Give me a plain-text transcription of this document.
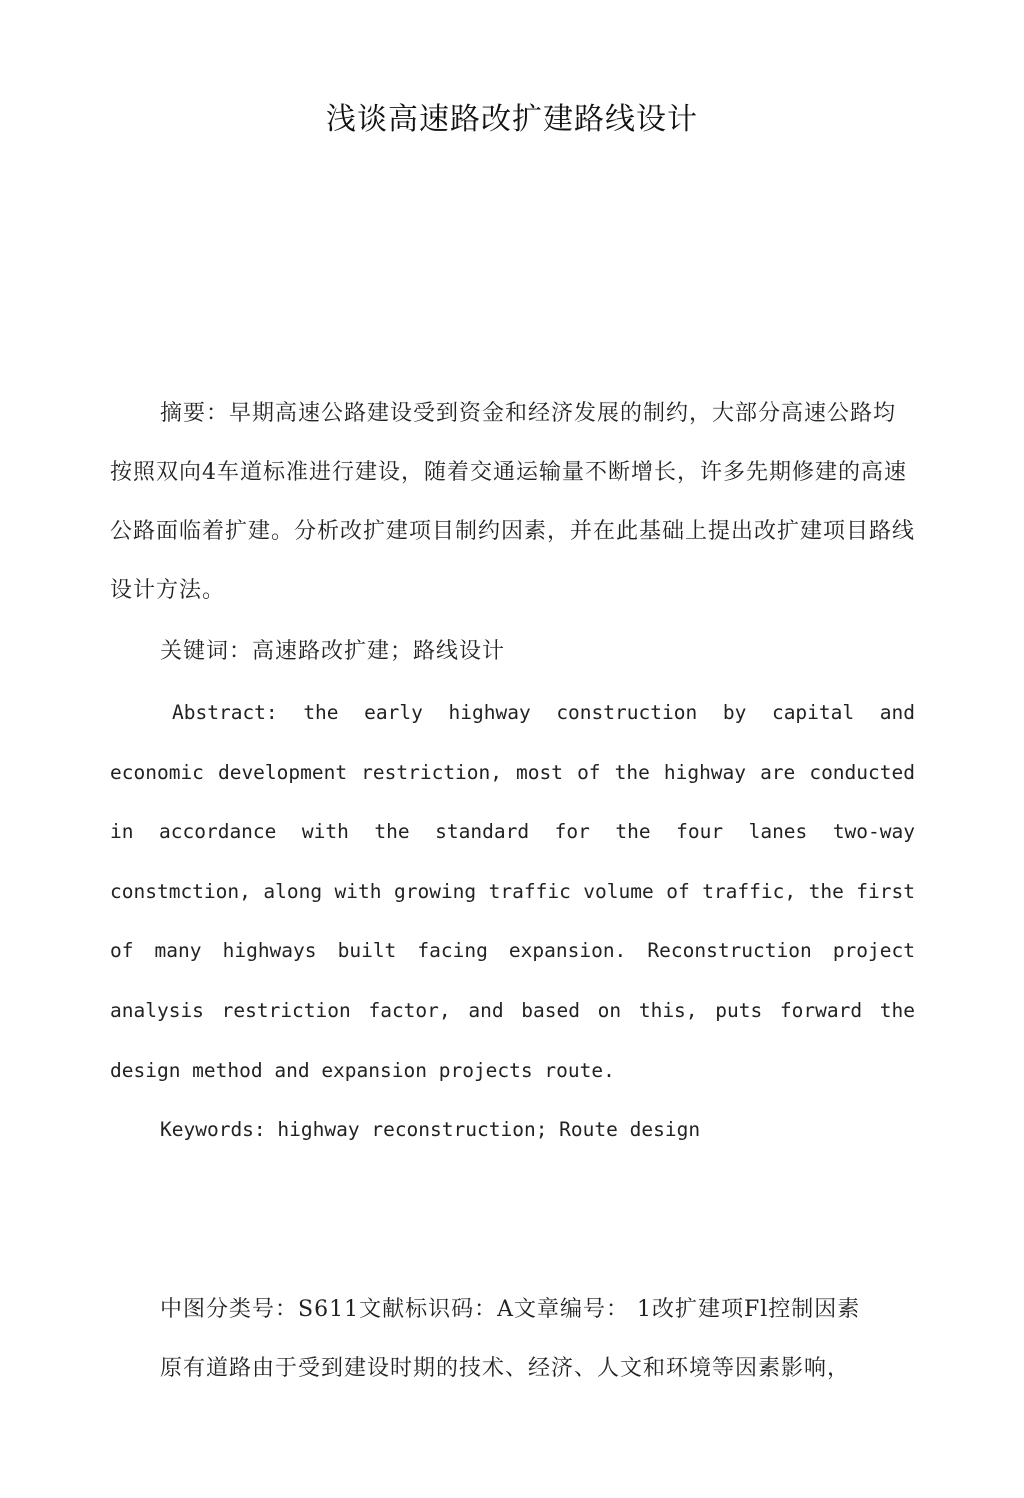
浅谈高速路改扩建路线设计
摘要：早期高速公路建设受到资金和经济发展的制约，大部分高速公路均按照双向4车道标准进行建设，随着交通运输量不断增长，许多先期修建的高速公路面临着扩建。分析改扩建项目制约因素，并在此基础上提出改扩建项目路线设计方法。
关键词：高速路改扩建；路线设计
Abstract: the early highway construction by capital and economic development restriction, most of the highway are conducted in accordance with the standard for the four lanes two-way constmction, along with growing traffic volume of traffic, the first of many highways built facing expansion. Reconstruction project analysis restriction factor, and based on this, puts forward the design method and expansion projects route.
Keywords: highway reconstruction; Route design
中图分类号：S611文献标识码：A文章编号： 1改扩建项Fl控制因素
原有道路由于受到建设时期的技术、经济、人文和环境等因素影响，
